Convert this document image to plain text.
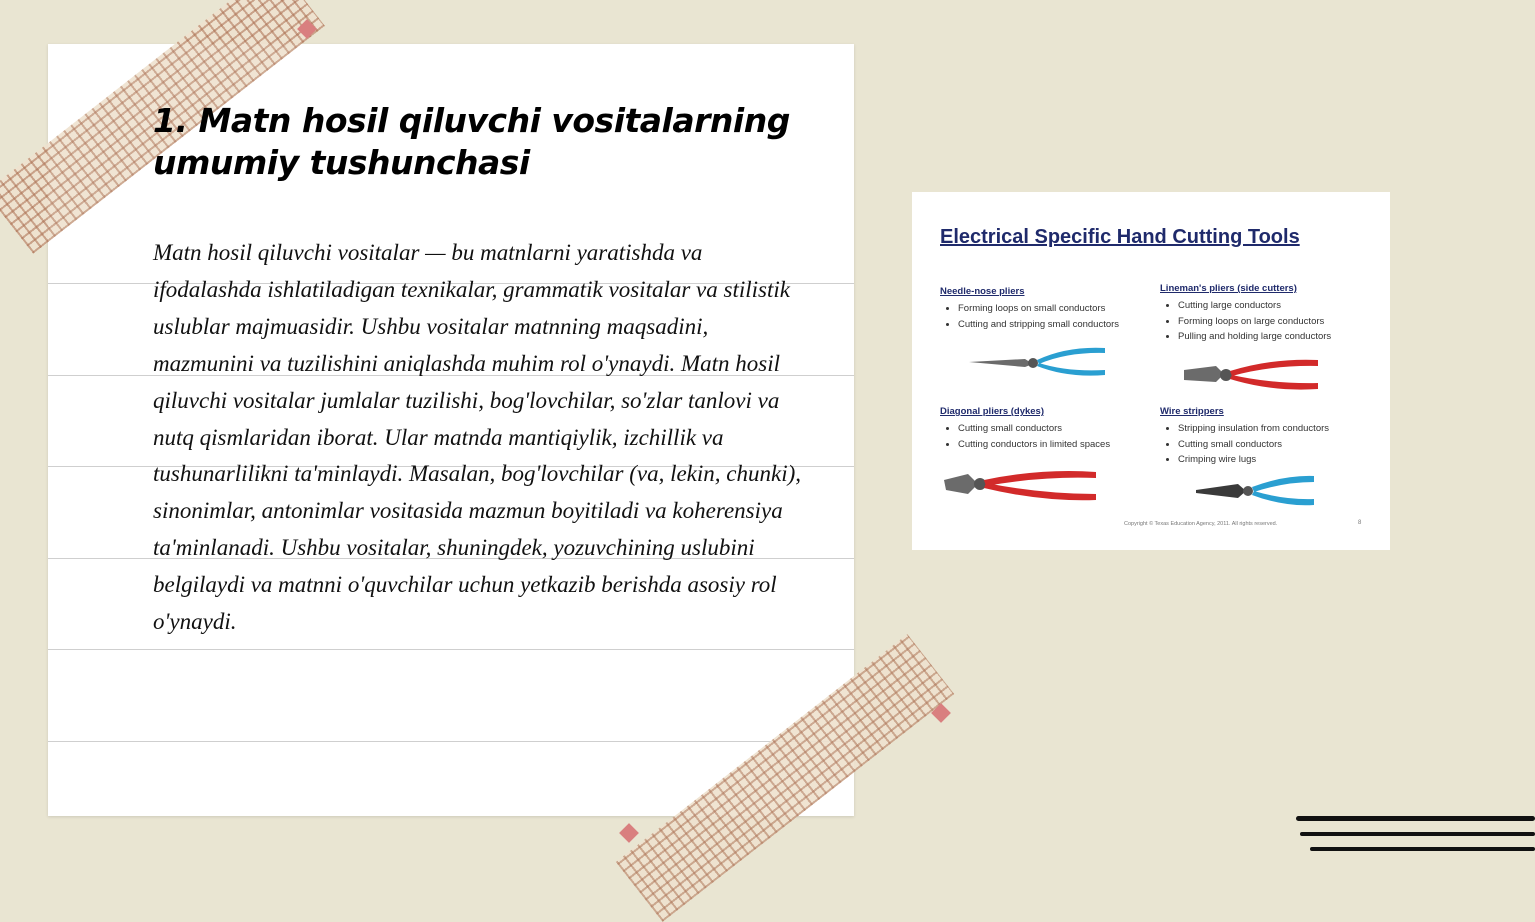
1. Matn hosil qiluvchi vositalarning umumiy tushunchasi

Matn hosil qiluvchi vositalar — bu matnlarni yaratishda va ifodalashda ishlatiladigan texnikalar, grammatik vositalar va stilistik uslublar majmuasidir. Ushbu vositalar matnning maqsadini, mazmunini va tuzilishini aniqlashda muhim rol o'ynaydi. Matn hosil qiluvchi vositalar jumlalar tuzilishi, bog'lovchilar, so'zlar tanlovi va nutq qismlaridan iborat. Ular matnda mantiqiylik, izchillik va tushunarlilikni ta'minlaydi. Masalan, bog'lovchilar (va, lekin, chunki), sinonimlar, antonimlar vositasida mazmun boyitiladi va koherensiya ta'minlanadi. Ushbu vositalar, shuningdek, yozuvchining uslubini belgilaydi va matnni o'quvchilar uchun yetkazib berishda asosiy rol o'ynaydi.

Electrical Specific Hand Cutting Tools
Needle-nose pliers
• Forming loops on small conductors
• Cutting and stripping small conductors
Lineman's pliers (side cutters)
• Cutting large conductors
• Forming loops on large conductors
• Pulling and holding large conductors
Diagonal pliers (dykes)
• Cutting small conductors
• Cutting conductors in limited spaces
Wire strippers
• Stripping insulation from conductors
• Cutting small conductors
• Crimping wire lugs
Copyright © Texas Education Agency, 2011. All rights reserved.	8
